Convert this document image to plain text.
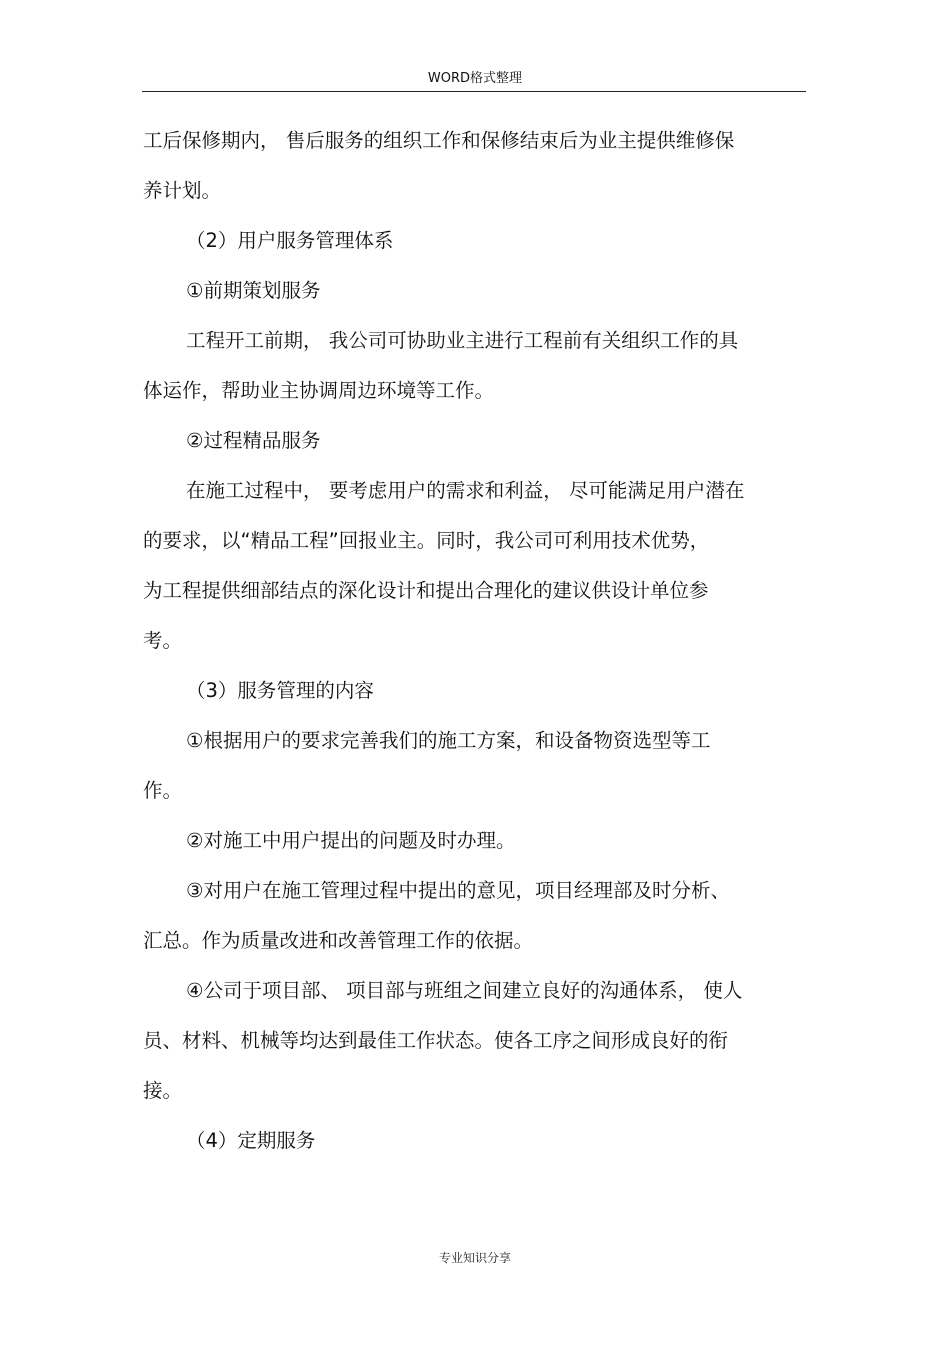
WORD格式整理
工后保修期内， 售后服务的组织工作和保修结束后为业主提供维修保
养计划。
（2）用户服务管理体系
①前期策划服务
工程开工前期， 我公司可协助业主进行工程前有关组织工作的具
体运作，帮助业主协调周边环境等工作。
②过程精品服务
在施工过程中， 要考虑用户的需求和利益， 尽可能满足用户潜在
的要求，以“精品工程”回报业主。同时，我公司可利用技术优势，
为工程提供细部结点的深化设计和提出合理化的建议供设计单位参
考。
（3）服务管理的内容
①根据用户的要求完善我们的施工方案，和设备物资选型等工
作。
②对施工中用户提出的问题及时办理。
③对用户在施工管理过程中提出的意见，项目经理部及时分析、
汇总。作为质量改进和改善管理工作的依据。
④公司于项目部、 项目部与班组之间建立良好的沟通体系， 使人
员、材料、机械等均达到最佳工作状态。使各工序之间形成良好的衔
接。
（4）定期服务
专业知识分享
